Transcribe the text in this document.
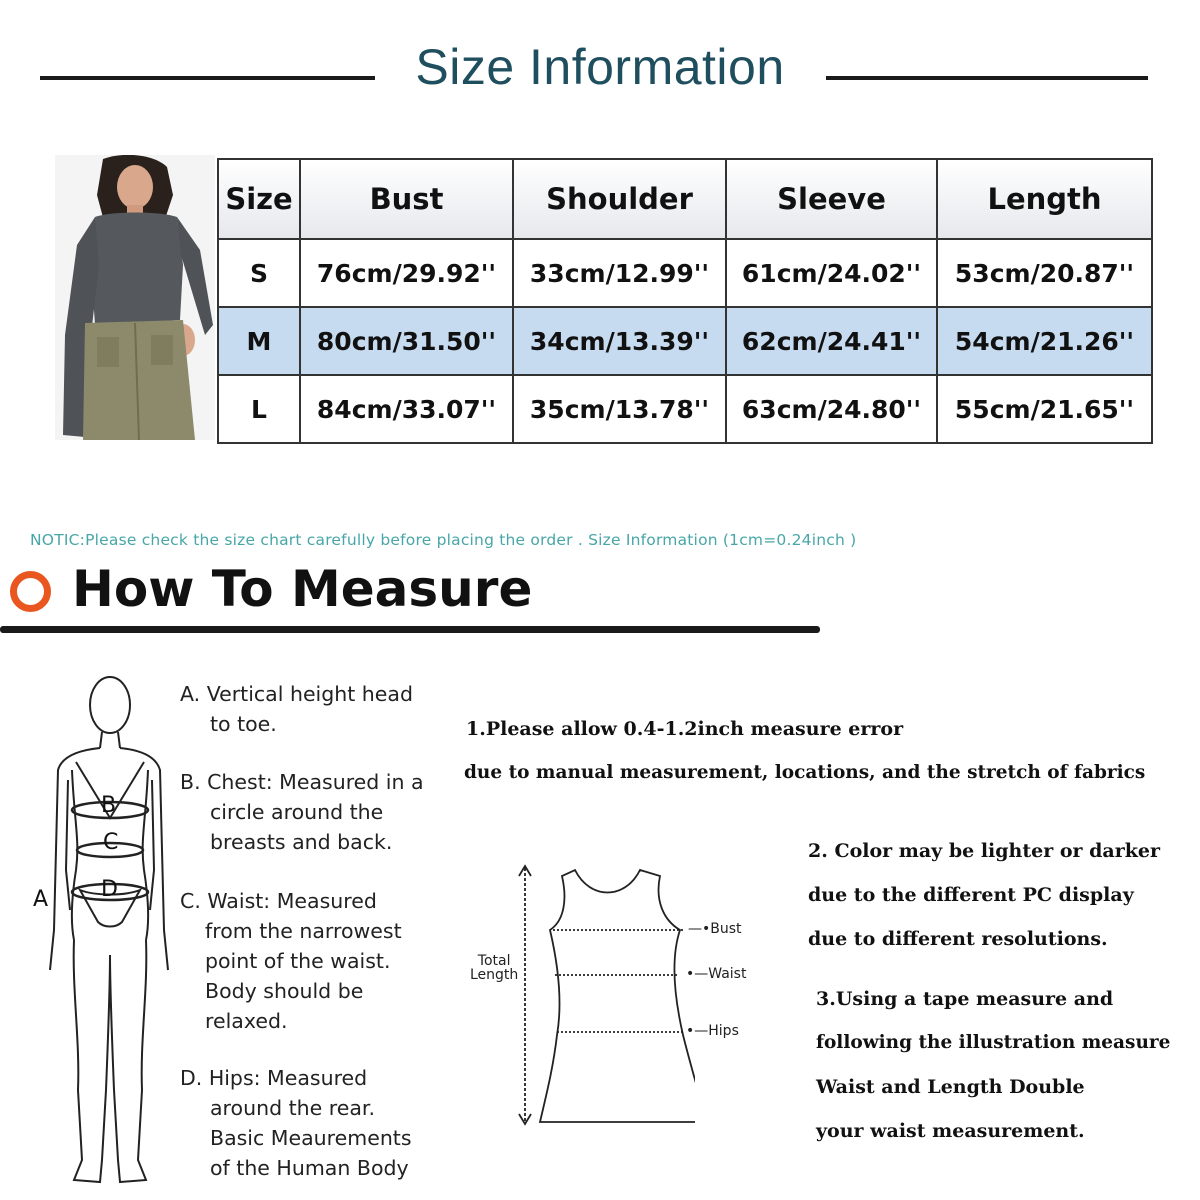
Size Information
Size	Bust	Shoulder	Sleeve	Length
S	76cm/29.92''	33cm/12.99''	61cm/24.02''	53cm/20.87''
M	80cm/31.50''	34cm/13.39''	62cm/24.41''	54cm/21.26''
L	84cm/33.07''	35cm/13.78''	63cm/24.80''	55cm/21.65''
NOTIC:Please check the size chart carefully before placing the order . Size Information (1cm=0.24inch )
How To Measure
A
B
C
D
A. Vertical height head
to toe.
B. Chest: Measured in a
circle around the
breasts and back.
C. Waist: Measured
from the narrowest
point of the waist.
Body should be
relaxed.
D. Hips: Measured
around the rear.
Basic Meaurements
of the Human Body
1.Please allow 0.4-1.2inch measure error
due to manual measurement, locations, and the stretch of fabrics
2. Color may be lighter or darker
due to the different PC display
due to different resolutions.
3.Using a tape measure and
following the illustration measure
Waist and Length Double
your waist measurement.
Total
Length
—•Bust
•—Waist
•—Hips
